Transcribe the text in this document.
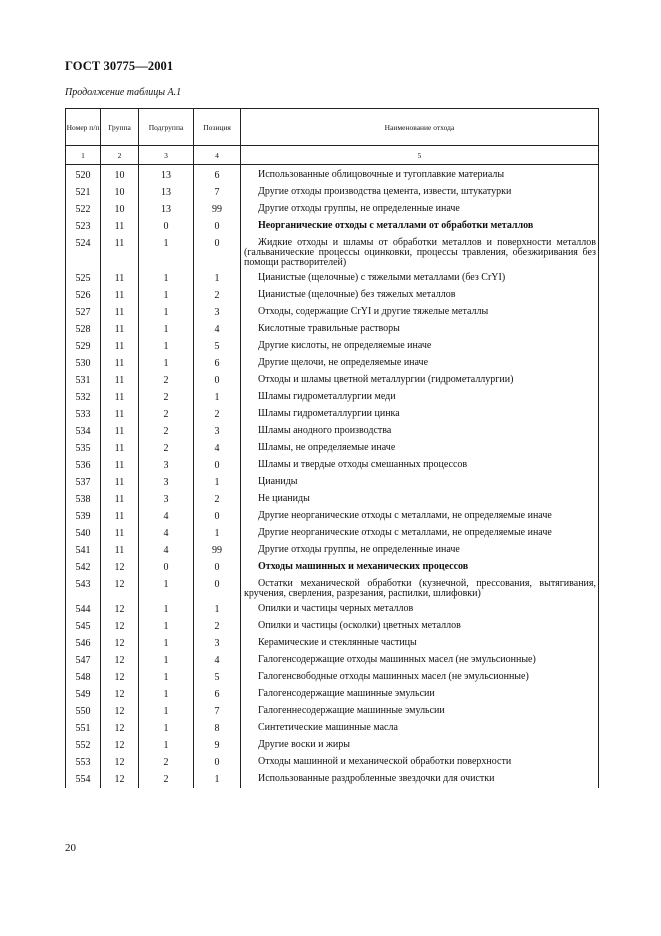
ГОСТ 30775—2001
Продолжение таблицы А.1
Номер п/п	Группа	Подгруппа	Позиция	Наименование отхода
1	2	3	4	5
520	10	13	6	Использованные облицовочные и тугоплавкие материалы
521	10	13	7	Другие отходы производства цемента, извести, штукатурки
522	10	13	99	Другие отходы группы, не определенные иначе
523	11	0	0	Неорганические отходы с металлами от обработки металлов
524	11	1	0	Жидкие отходы и шламы от обработки металлов и поверхности металлов (гальванические процессы оцинковки, процессы травления, обезжиривания без помощи растворителей)
525	11	1	1	Цианистые (щелочные) с тяжелыми металлами (без CrYI)
526	11	1	2	Цианистые (щелочные) без тяжелых металлов
527	11	1	3	Отходы, содержащие CrYI и другие тяжелые металлы
528	11	1	4	Кислотные травильные растворы
529	11	1	5	Другие кислоты, не определяемые иначе
530	11	1	6	Другие щелочи, не определяемые иначе
531	11	2	0	Отходы и шламы цветной металлургии (гидрометаллургии)
532	11	2	1	Шламы гидрометаллургии меди
533	11	2	2	Шламы гидрометаллургии цинка
534	11	2	3	Шламы анодного производства
535	11	2	4	Шламы, не определяемые иначе
536	11	3	0	Шламы и твердые отходы смешанных процессов
537	11	3	1	Цианиды
538	11	3	2	Не цианиды
539	11	4	0	Другие неорганические отходы с металлами, не определяемые иначе
540	11	4	1	Другие неорганические отходы с металлами, не определяемые иначе
541	11	4	99	Другие отходы группы, не определенные иначе
542	12	0	0	Отходы машинных и механических процессов
543	12	1	0	Остатки механической обработки (кузнечной, прессования, вытягивания, кручения, сверления, разрезания, распилки, шлифовки)
544	12	1	1	Опилки и частицы черных металлов
545	12	1	2	Опилки и частицы (осколки) цветных металлов
546	12	1	3	Керамические и стеклянные частицы
547	12	1	4	Галогенсодержащие отходы машинных масел (не эмульсионные)
548	12	1	5	Галогенсвободные отходы машинных масел (не эмульсионные)
549	12	1	6	Галогенсодержащие машинные эмульсии
550	12	1	7	Галогеннесодержащие машинные эмульсии
551	12	1	8	Синтетические машинные масла
552	12	1	9	Другие воски и жиры
553	12	2	0	Отходы машинной и механической обработки поверхности
554	12	2	1	Использованные раздробленные звездочки для очистки
20
